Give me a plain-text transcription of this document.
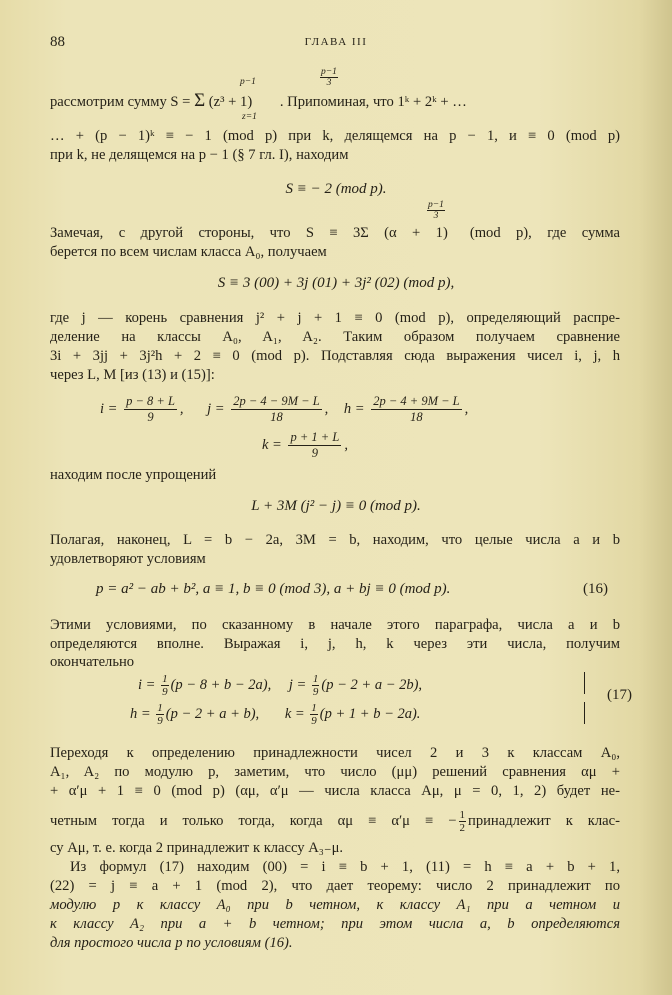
88	ГЛАВА III
p−1
z=1
$\frac{p-1}{3}$
рассмотрим сумму S = Σ (z³ + 1) . Припоминая, что 1ᵏ + 2ᵏ + …
… + (p − 1)ᵏ ≡ − 1 (mod p) при k, делящемся на p − 1, и ≡ 0 (mod p)
при k, не делящемся на p − 1 (§ 7 гл. I), находим
S ≡ − 2 (mod p).
$\frac{p-1}{3}$
Замечая, с другой стороны, что S ≡ 3Σ (α + 1) (mod p), где сумма
берется по всем числам класса A₀, получаем
S ≡ 3 (00) + 3j (01) + 3j² (02) (mod p),
где j — корень сравнения j² + j + 1 ≡ 0 (mod p), определяющий распре-
деление на классы A₀, A₁, A₂. Таким образом получаем сравнение
3i + 3jj + 3j²h + 2 ≡ 0 (mod p). Подставляя сюда выражения чисел i, j, h
через L, M [из (13) и (15)]:
$i = \frac{p - 8 + L}{9}$ , $j = \frac{2p - 4 - 9M - L}{18}$ , $h = \frac{2p - 4 + 9M - L}{18}$ ,
$k = \frac{p + 1 + L}{9}$ ,
находим после упрощений
L + 3M (j² − j) ≡ 0 (mod p).
Полагая, наконец, L = b − 2a, 3M = b, находим, что целые числа a и b
удовлетворяют условиям
p = a² − ab + b², a ≡ 1, b ≡ 0 (mod 3), a + bj ≡ 0 (mod p).	(16)
Этими условиями, по сказанному в начале этого параграфа, числа a и b
определяются вполне. Выражая i, j, h, k через эти числа, получим
окончательно
$i = \frac{1}{9} (p - 8 + b - 2a)$, $j = \frac{1}{9} (p - 2 + a - 2b)$,
$h = \frac{1}{9} (p - 2 + a + b)$, $k = \frac{1}{9} (p + 1 + b - 2a)$.
(17)
Переходя к определению принадлежности чисел 2 и 3 к классам A₀,
A₁, A₂ по модулю p, заметим, что число (μμ) решений сравнения αμ +
+ α′μ + 1 ≡ 0 (mod p) (αμ, α′μ — числа класса Aμ, μ = 0, 1, 2) будет не-
четным тогда и только тогда, когда αμ ≡ α′μ ≡ − $\frac{1}{2}$ принадлежит к клас-
су Aμ, т. е. когда 2 принадлежит к классу A₃₋μ.
Из формул (17) находим (00) = i ≡ b + 1, (11) = h ≡ a + b + 1,
(22) = j ≡ a + 1 (mod 2), что дает теорему: число 2 принадлежит по
модулю p к классу A₀ при b четном, к классу A₁ при a четном и
к классу A₂ при a + b четном; при этом числа a, b определяются
для простого числа p по условиям (16).
